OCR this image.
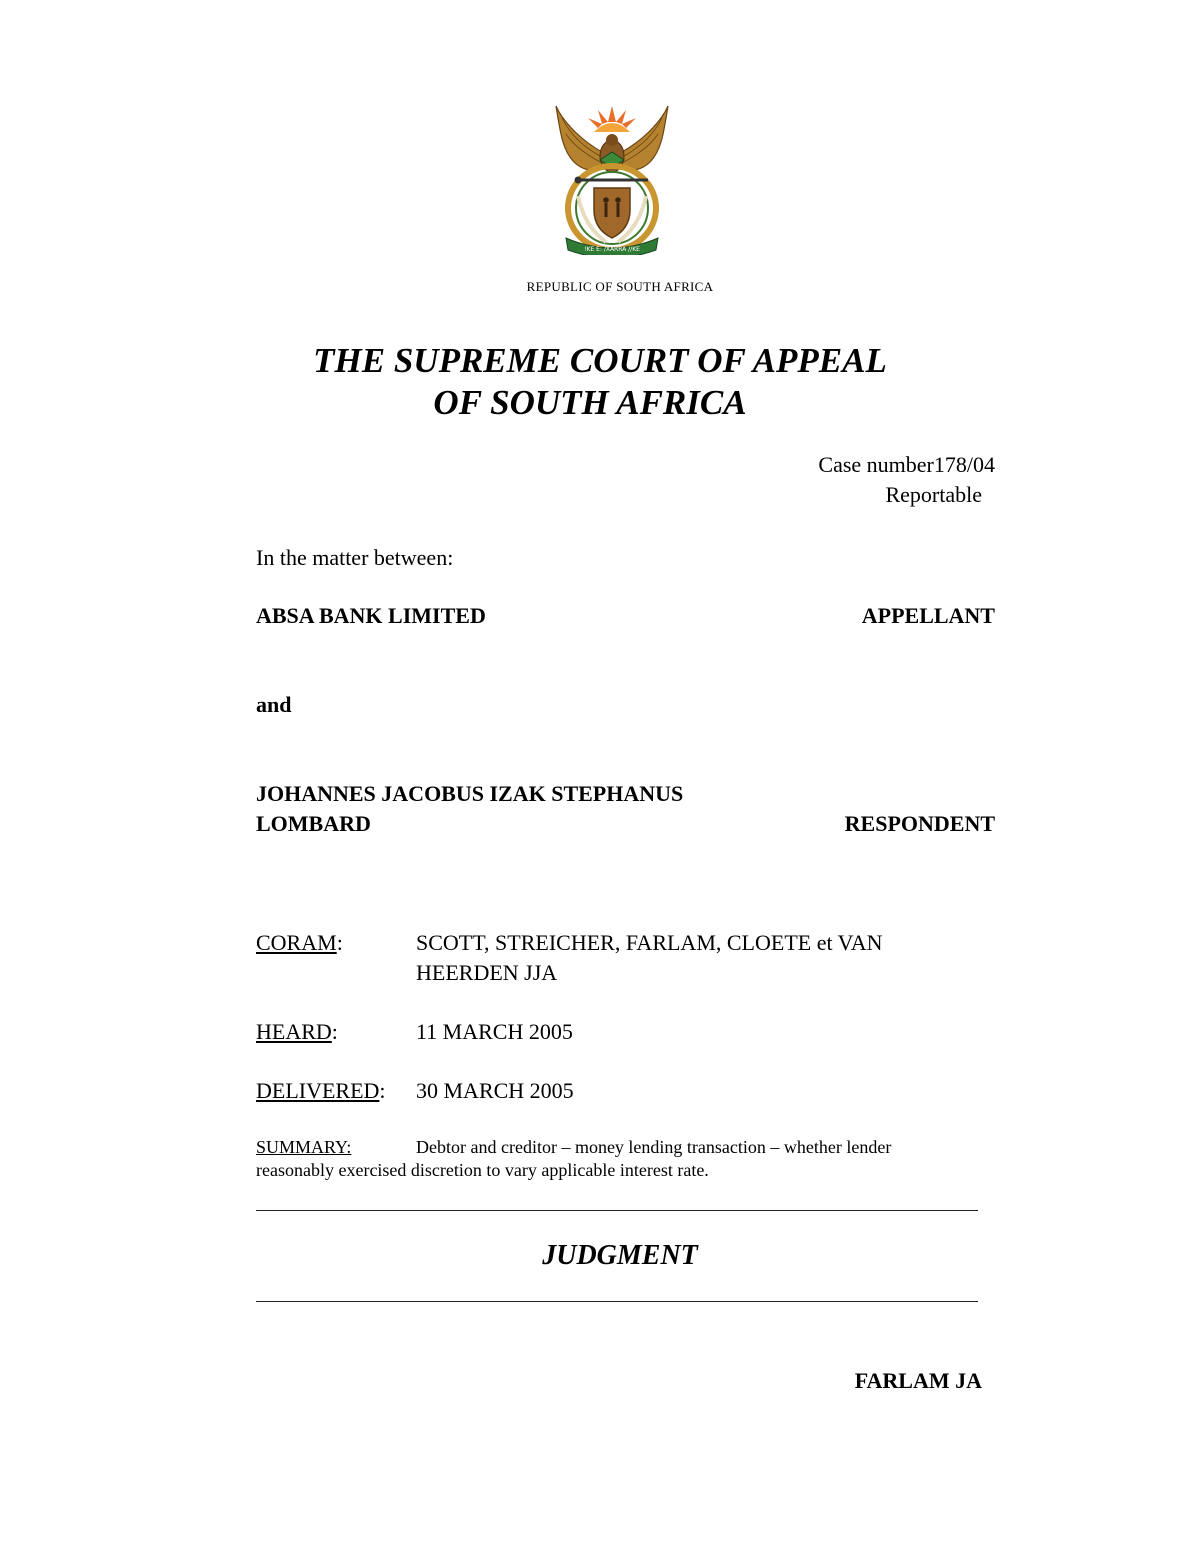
!KE E: /XARRA //KE

REPUBLIC OF SOUTH AFRICA

THE SUPREME COURT OF APPEAL

OF SOUTH AFRICA

Case number178/04

Reportable

In the matter between:

ABSA BANK LIMITED	APPELLANT

and

JOHANNES JACOBUS IZAK STEPHANUS

LOMBARD	RESPONDENT

CORAM:	SCOTT, STREICHER, FARLAM, CLOETE et VAN

HEERDEN JJA

HEARD:	11 MARCH 2005

DELIVERED: 30 MARCH 2005

SUMMARY:	Debtor and creditor – money lending transaction – whether lender

reasonably exercised discretion to vary applicable interest rate.

JUDGMENT

FARLAM JA
